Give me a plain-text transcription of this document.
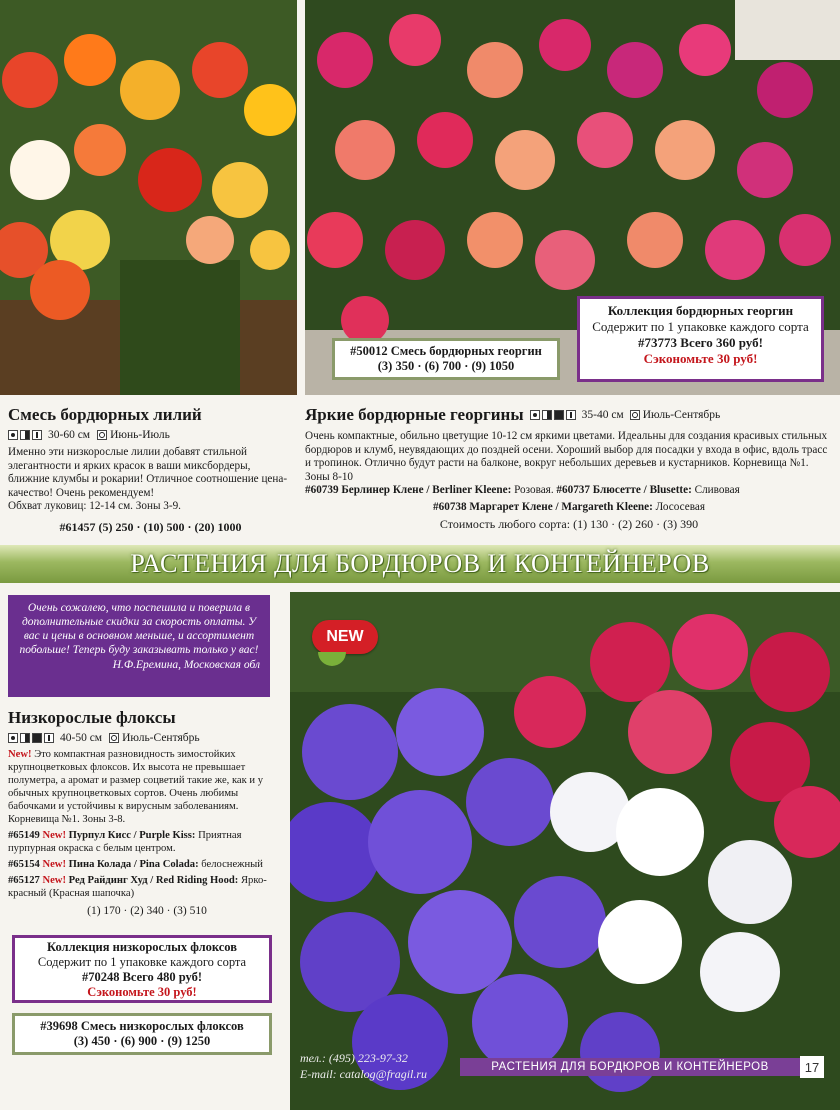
#50012 Смесь бордюрных георгин
(3) 350 · (6) 700 · (9) 1050
Коллекция бордюрных георгин
Содержит по 1 упаковке каждого сорта
#73773 Всего 360 руб!
Сэкономьте 30 руб!
Смесь бордюрных лилий
30-60 см Июнь-Июль

Именно эти низкорослые лилии добавят стильной элегантности и ярких красок в ваши миксбордеры, ближние клумбы и рокарии! Отличное соотношение цена-качество! Очень рекомендуем!

Обхват луковиц: 12-14 см. Зоны 3-9.

#61457 (5) 250 · (10) 500 · (20) 1000

Яркие бордюрные георгины	35-40 см Июль-Сентябрь

Очень компактные, обильно цветущие 10-12 см яркими цветами. Идеальны для создания красивых стильных бордюров и клумб, неувядающих до поздней осени. Хороший выбор для посадки у входа в офис, вдоль трасс и тропинок. Отлично будут расти на балконе, вокруг небольших деревьев и кустарников. Корневища №1. Зоны 8-10

#60739 Берлинер Клене / Berliner Kleene: Розовая. #60737 Блюсетте / Blusette: Сливовая

#60738 Маргарет Клене / Margareth Kleene: Лососевая

Стоимость любого сорта: (1) 130 · (2) 260 · (3) 390

РАСТЕНИЯ ДЛЯ БОРДЮРОВ И КОНТЕЙНЕРОВ

Очень сожалею, что поспешила и поверила в дополнительные скидки за скорость оплаты. У вас и цены в основном меньше, и ассортимент побольше! Теперь буду заказывать только у вас!

Н.Ф.Еремина, Московская обл

Низкорослые флоксы
40-50 см Июль-Сентябрь

New! Это компактная разновидность зимостойких крупноцветковых флоксов. Их высота не превышает полуметра, а аромат и размер соцветий такие же, как и у обычных крупноцветковых сортов. Очень любимы бабочками и устойчивы к вирусным заболеваниям. Корневища №1. Зоны 3-8.

#65149 New! Пурпул Кисс / Purple Kiss: Приятная пурпурная окраска с белым центром.

#65154 New! Пина Колада / Pina Colada: белоснежный

#65127 New! Ред Райдинг Худ / Red Riding Hood: Ярко-красный (Красная шапочка)

(1) 170 · (2) 340 · (3) 510

Коллекция низкорослых флоксов
Содержит по 1 упаковке каждого сорта
#70248 Всего 480 руб!
Сэкономьте 30 руб!
#39698 Смесь низкорослых флоксов
(3) 450 · (6) 900 · (9) 1250
NEW
тел.: (495) 223-97-32
E-mail: catalog@fragil.ru	РАСТЕНИЯ ДЛЯ БОРДЮРОВ И КОНТЕЙНЕРОВ	17
